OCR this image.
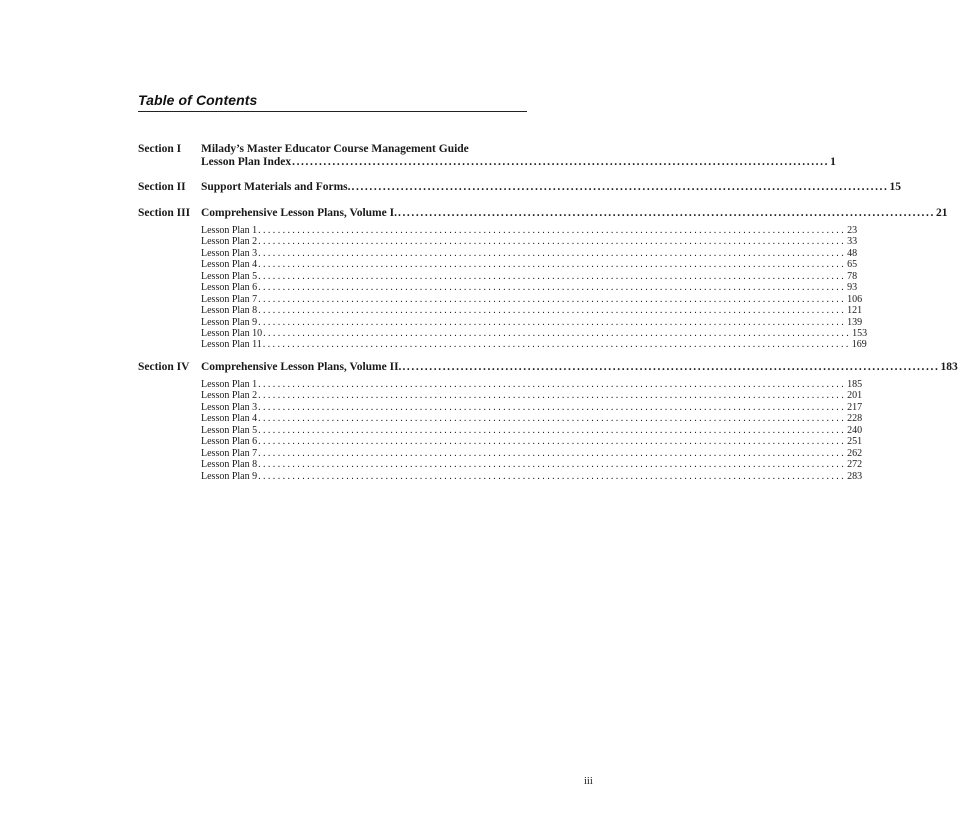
Table of Contents
Section I Milady’s Master Educator Course Management Guide
Lesson Plan Index ........................................................................................................................ 1
Section II Support Materials and Forms. ........................................................................................................................ 15
Section III Comprehensive Lesson Plans, Volume I. ........................................................................................................................ 21
Lesson Plan 1 ........................................................................................................................ 23
Lesson Plan 2 ........................................................................................................................ 33
Lesson Plan 3 ........................................................................................................................ 48
Lesson Plan 4 ........................................................................................................................ 65
Lesson Plan 5 ........................................................................................................................ 78
Lesson Plan 6 ........................................................................................................................ 93
Lesson Plan 7 ........................................................................................................................ 106
Lesson Plan 8 ........................................................................................................................ 121
Lesson Plan 9 ........................................................................................................................ 139
Lesson Plan 10 ........................................................................................................................ 153
Lesson Plan 11 ........................................................................................................................ 169
Section IV Comprehensive Lesson Plans, Volume II. ........................................................................................................................ 183
Lesson Plan 1 ........................................................................................................................ 185
Lesson Plan 2 ........................................................................................................................ 201
Lesson Plan 3 ........................................................................................................................ 217
Lesson Plan 4 ........................................................................................................................ 228
Lesson Plan 5 ........................................................................................................................ 240
Lesson Plan 6 ........................................................................................................................ 251
Lesson Plan 7 ........................................................................................................................ 262
Lesson Plan 8 ........................................................................................................................ 272
Lesson Plan 9 ........................................................................................................................ 283
iii
